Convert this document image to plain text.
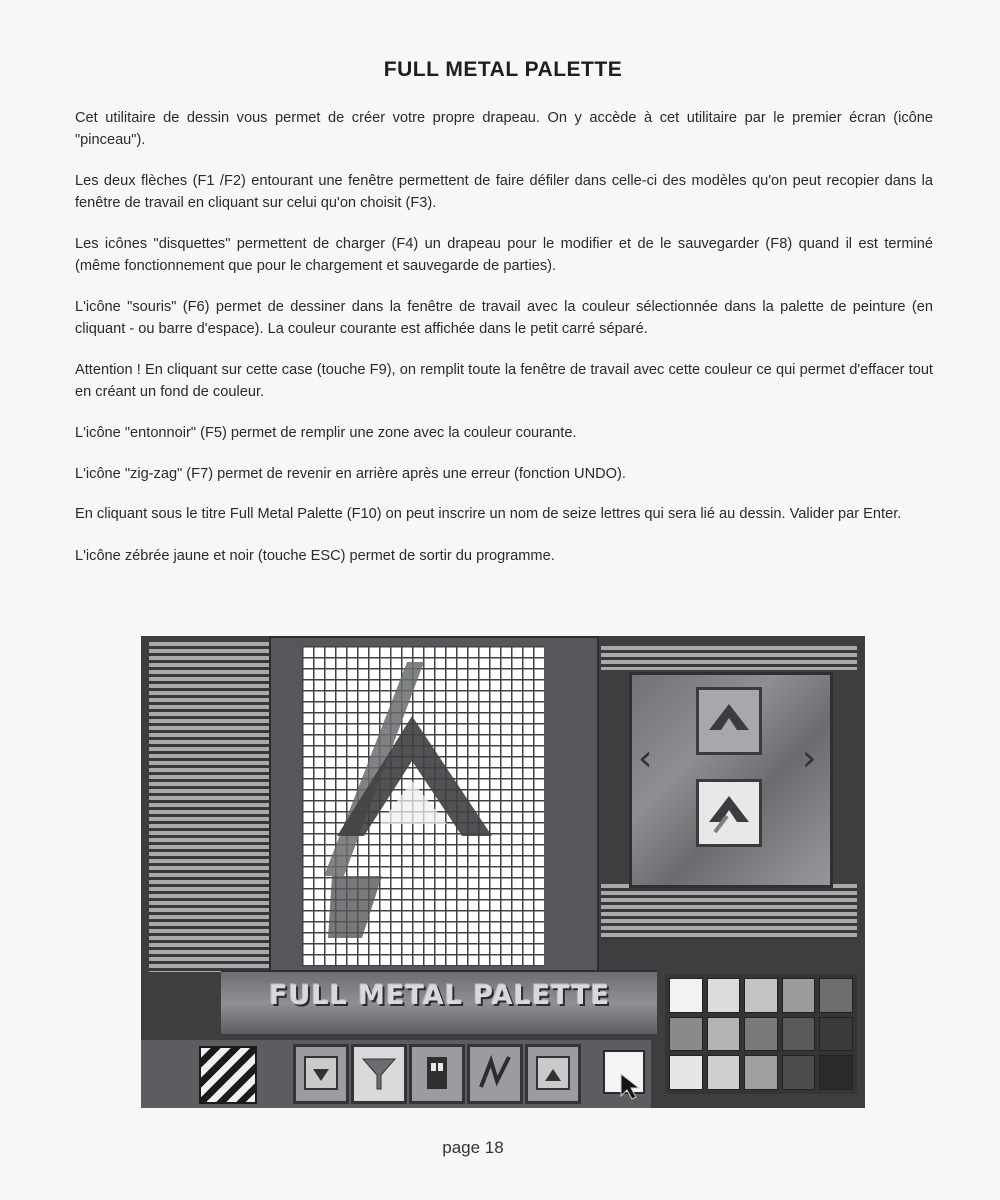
FULL METAL PALETTE

Cet utilitaire de dessin vous permet de créer votre propre drapeau. On y accède à cet utilitaire par le premier écran (icône "pinceau").

Les deux flèches (F1 /F2) entourant une fenêtre permettent de faire défiler dans celle-ci des modèles qu'on peut recopier dans la fenêtre de travail en cliquant sur celui qu'on choisit (F3).

Les icônes "disquettes" permettent de charger (F4) un drapeau pour le modifier et de le sauvegarder (F8) quand il est terminé (même fonctionnement que pour le chargement et sauvegarde de parties).

L'icône "souris" (F6) permet de dessiner dans la fenêtre de travail avec la couleur sélectionnée dans la palette de peinture (en cliquant - ou barre d'espace). La couleur courante est affichée dans le petit carré séparé.

Attention ! En cliquant sur cette case (touche F9), on remplit toute la fenêtre de travail avec cette couleur ce qui permet d'effacer tout en créant un fond de couleur.

L'icône "entonnoir" (F5) permet de remplir une zone avec la couleur courante.

L'icône "zig-zag" (F7) permet de revenir en arrière après une erreur (fonction UNDO).

En cliquant sous le titre Full Metal Palette (F10) on peut inscrire un nom de seize lettres qui sera lié au dessin. Valider par Enter.

L'icône zébrée jaune et noir (touche ESC) permet de sortir du programme.

‹	›
FULL METAL PALETTE
page 18
